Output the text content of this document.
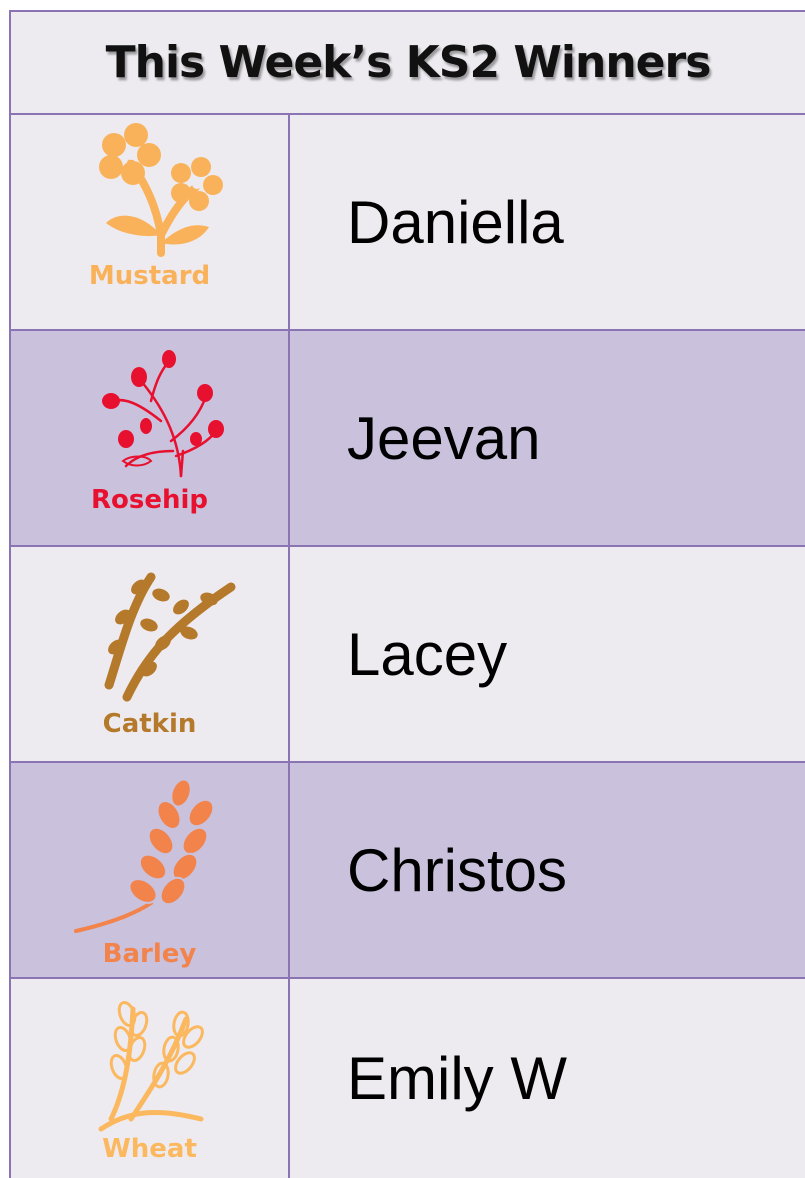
This Week’s KS2 Winners
Mustard
Daniella
Rosehip
Jeevan
Catkin
Lacey
Barley
Christos
Wheat
Emily W
